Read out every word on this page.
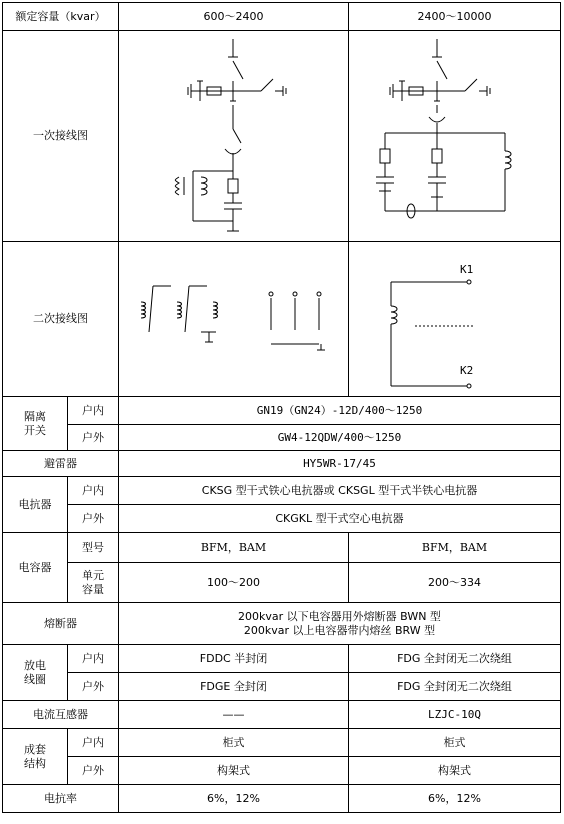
额定容量（kvar）		600～2400	2400～10000
一次接线图	

二次接线图			K1
K2

隔离
开关	户内	GN19（GN24）-12D/400～1250	
	户外	GW4-12QDW/400～1250	
避雷器		HY5WR-17/45	
电抗器	户内	CKSG 型干式铁心电抗器或 CKSGL 型干式半铁心电抗器	
	户外	CKGKL 型干式空心电抗器	
电容器	型号	BFM，BAM	BFM，BAM

	单元
容量	100～200	200～334
熔断器		200kvar 以下电容器用外熔断器 BWN 型
200kvar 以上电容器带内熔丝 BRW 型	

放电
线圈	户内	FDDC 半封闭	FDG 全封闭无二次绕组
	户外	FDGE 全封闭	FDG 全封闭无二次绕组
电流互感器		——	LZJC-10Q

成套
结构	户内	柜式	柜式
	户外	构架式	构架式
电抗率		6%，12%	6%，12%
